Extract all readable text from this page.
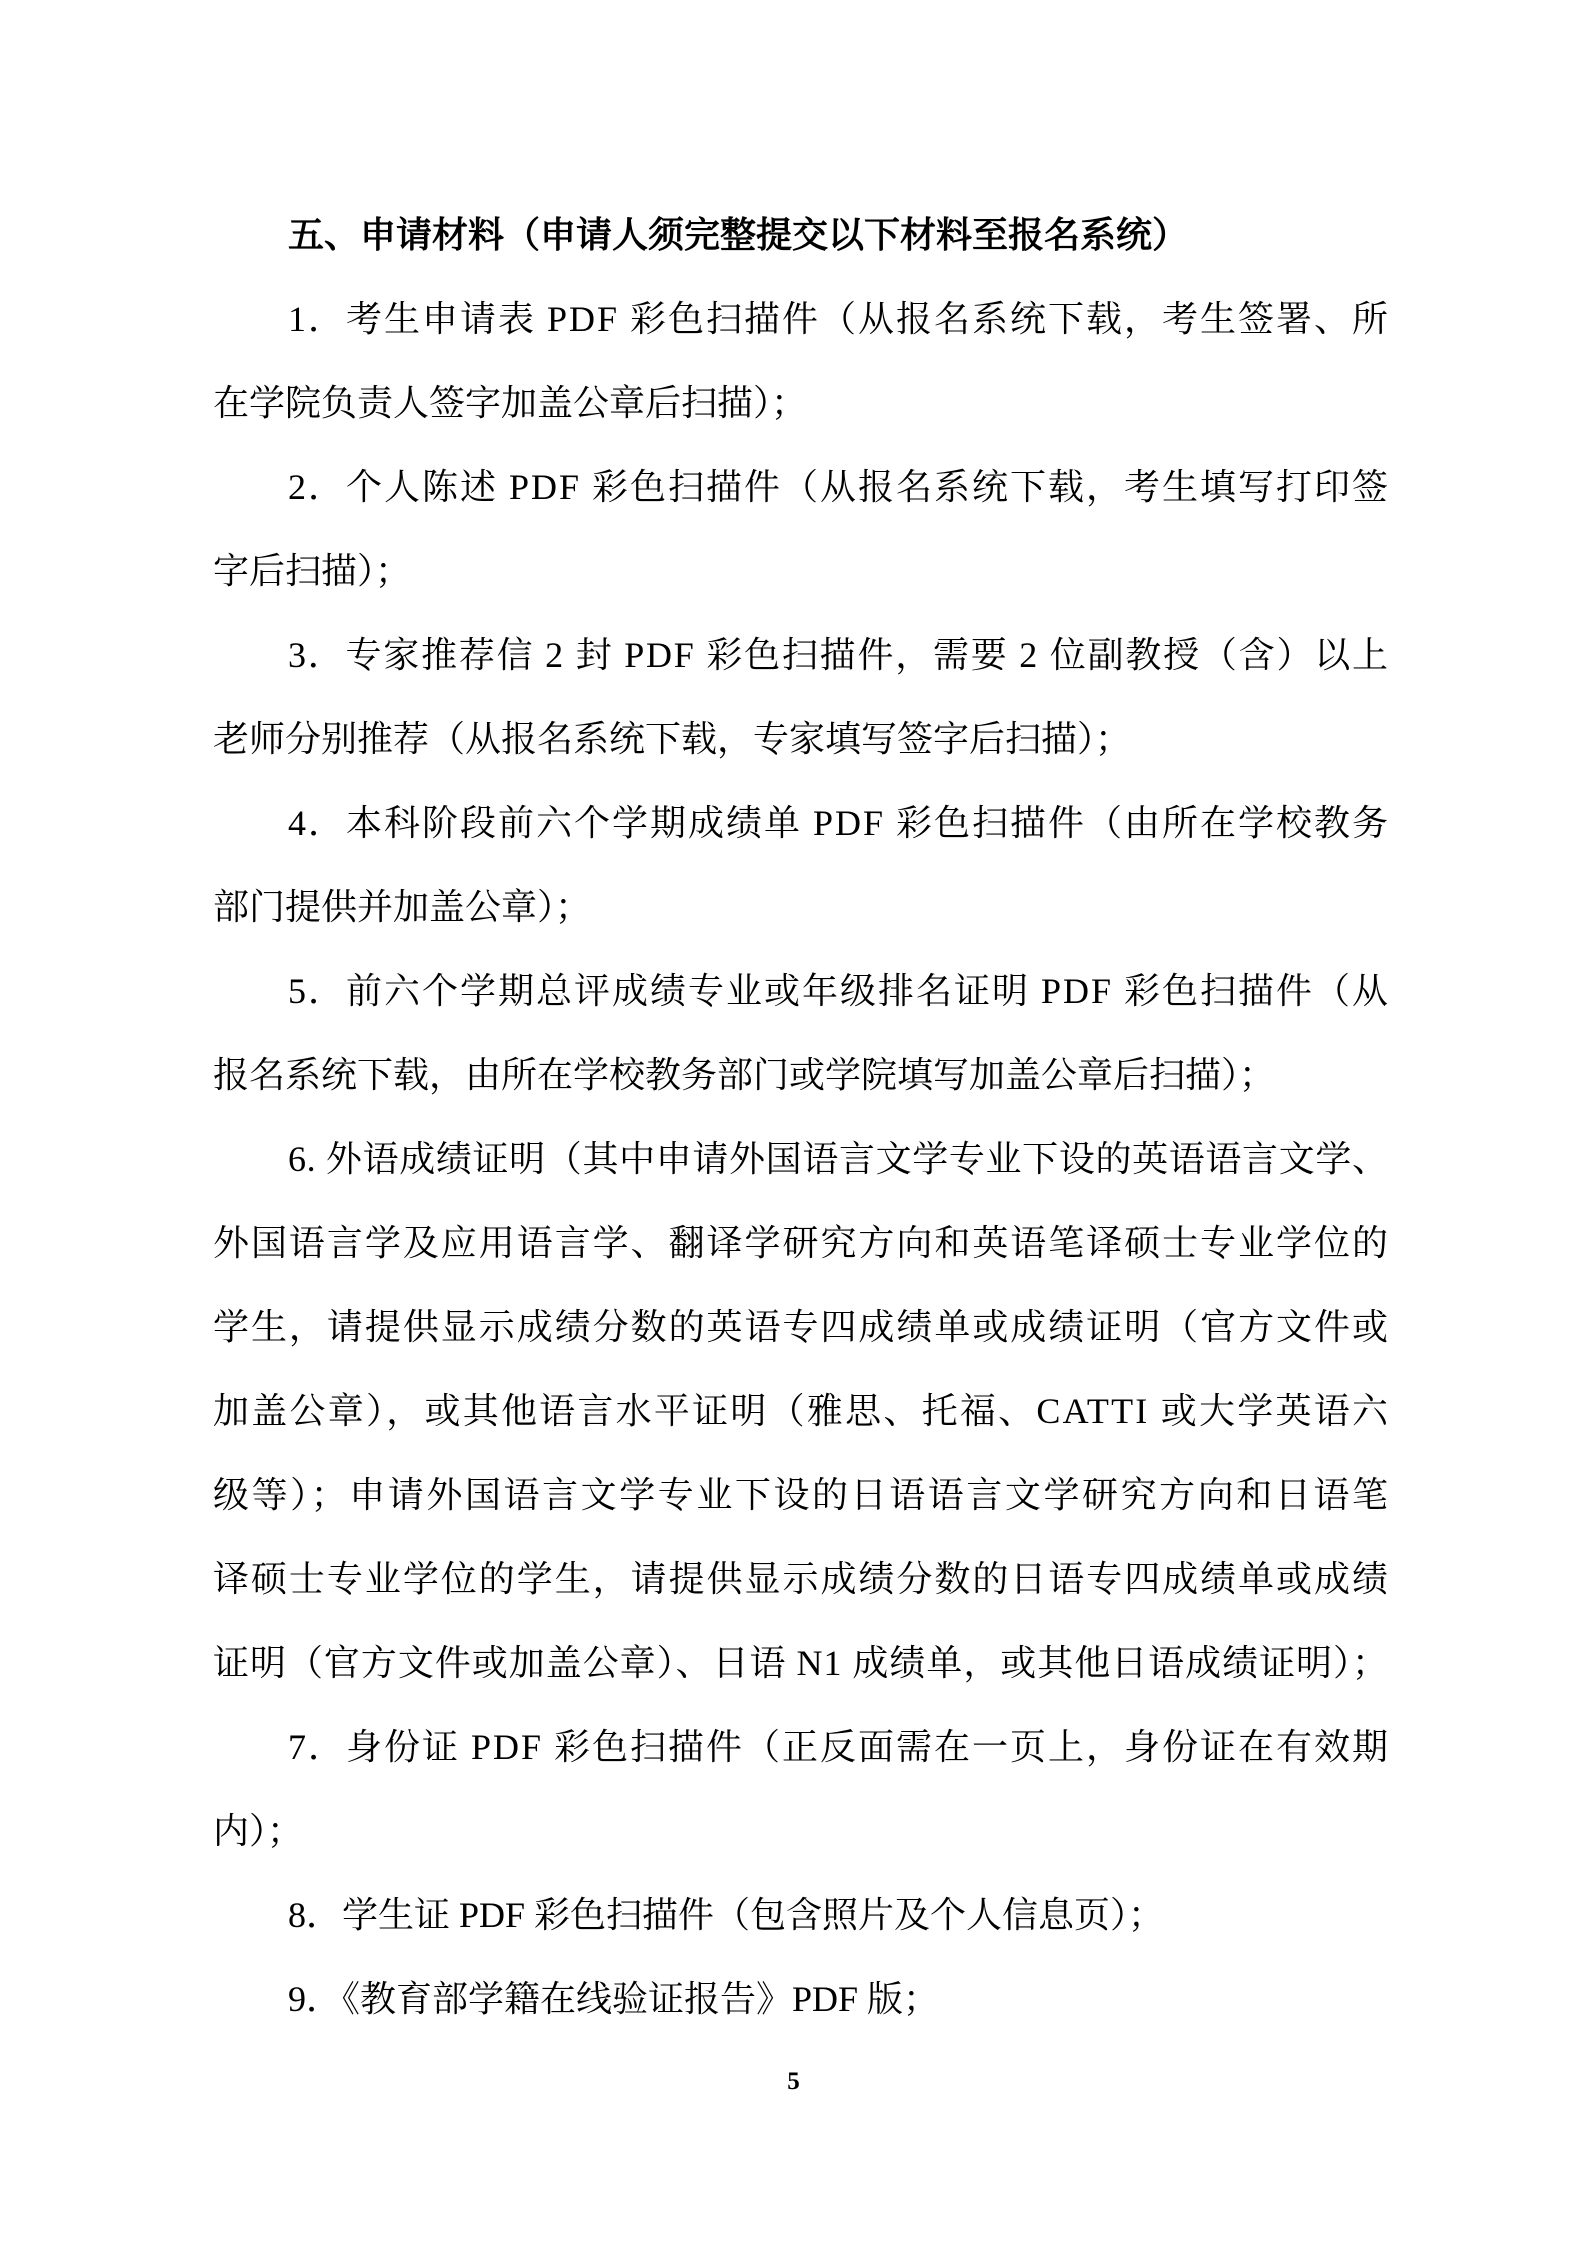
五、申请材料（申请人须完整提交以下材料至报名系统）
1．考生申请表 PDF 彩色扫描件（从报名系统下载，考生签署、所
在学院负责人签字加盖公章后扫描）；
2．个人陈述 PDF 彩色扫描件（从报名系统下载，考生填写打印签
字后扫描）；
3．专家推荐信 2 封 PDF 彩色扫描件，需要 2 位副教授（含）以上
老师分别推荐（从报名系统下载，专家填写签字后扫描）；
4．本科阶段前六个学期成绩单 PDF 彩色扫描件（由所在学校教务
部门提供并加盖公章）；
5．前六个学期总评成绩专业或年级排名证明 PDF 彩色扫描件（从
报名系统下载，由所在学校教务部门或学院填写加盖公章后扫描）；
6. 外语成绩证明（其中申请外国语言文学专业下设的英语语言文学、
外国语言学及应用语言学、翻译学研究方向和英语笔译硕士专业学位的
学生，请提供显示成绩分数的英语专四成绩单或成绩证明（官方文件或
加盖公章），或其他语言水平证明（雅思、托福、CATTI 或大学英语六
级等）；申请外国语言文学专业下设的日语语言文学研究方向和日语笔
译硕士专业学位的学生，请提供显示成绩分数的日语专四成绩单或成绩
证明（官方文件或加盖公章）、日语 N1 成绩单，或其他日语成绩证明）；
7．身份证 PDF 彩色扫描件（正反面需在一页上，身份证在有效期
内）；
8．学生证 PDF 彩色扫描件（包含照片及个人信息页）；
9．《教育部学籍在线验证报告》PDF 版；
5
